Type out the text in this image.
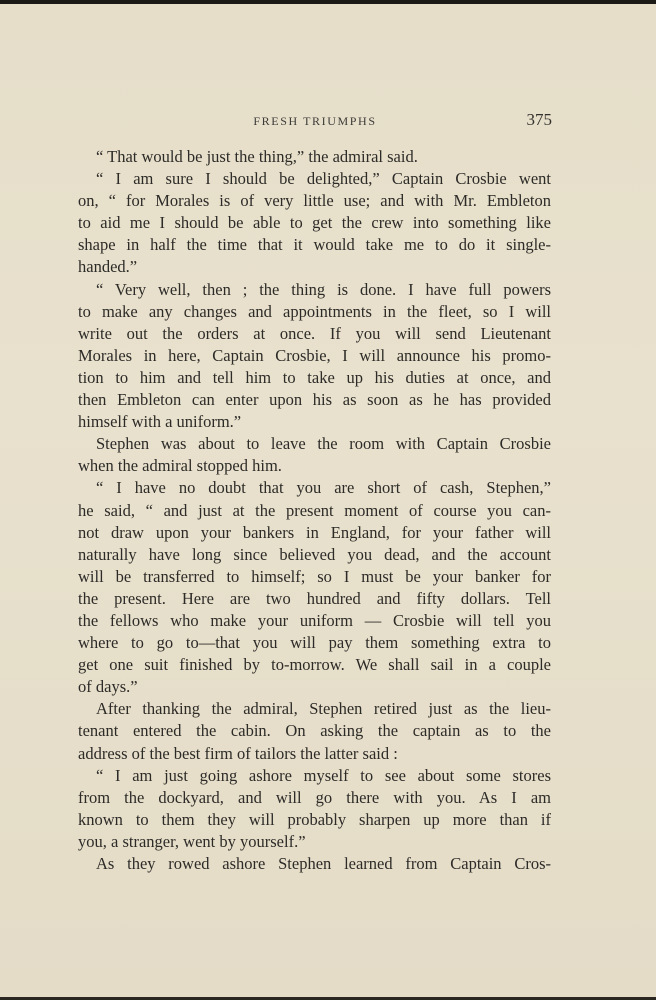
FRESH TRIUMPHS	375
“ That would be just the thing,” the admiral said.
“ I am sure I should be delighted,” Captain Crosbie went
on, “ for Morales is of very little use; and with Mr. Embleton
to aid me I should be able to get the crew into something like
shape in half the time that it would take me to do it single-
handed.”
“ Very well, then ; the thing is done. I have full powers
to make any changes and appointments in the fleet, so I will
write out the orders at once. If you will send Lieutenant
Morales in here, Captain Crosbie, I will announce his promo-
tion to him and tell him to take up his duties at once, and
then Embleton can enter upon his as soon as he has provided
himself with a uniform.”
Stephen was about to leave the room with Captain Crosbie
when the admiral stopped him.
“ I have no doubt that you are short of cash, Stephen,”
he said, “ and just at the present moment of course you can-
not draw upon your bankers in England, for your father will
naturally have long since believed you dead, and the account
will be transferred to himself; so I must be your banker for
the present. Here are two hundred and fifty dollars. Tell
the fellows who make your uniform — Crosbie will tell you
where to go to—that you will pay them something extra to
get one suit finished by to-morrow. We shall sail in a couple
of days.”
After thanking the admiral, Stephen retired just as the lieu-
tenant entered the cabin. On asking the captain as to the
address of the best firm of tailors the latter said :
“ I am just going ashore myself to see about some stores
from the dockyard, and will go there with you. As I am
known to them they will probably sharpen up more than if
you, a stranger, went by yourself.”
As they rowed ashore Stephen learned from Captain Cros-
